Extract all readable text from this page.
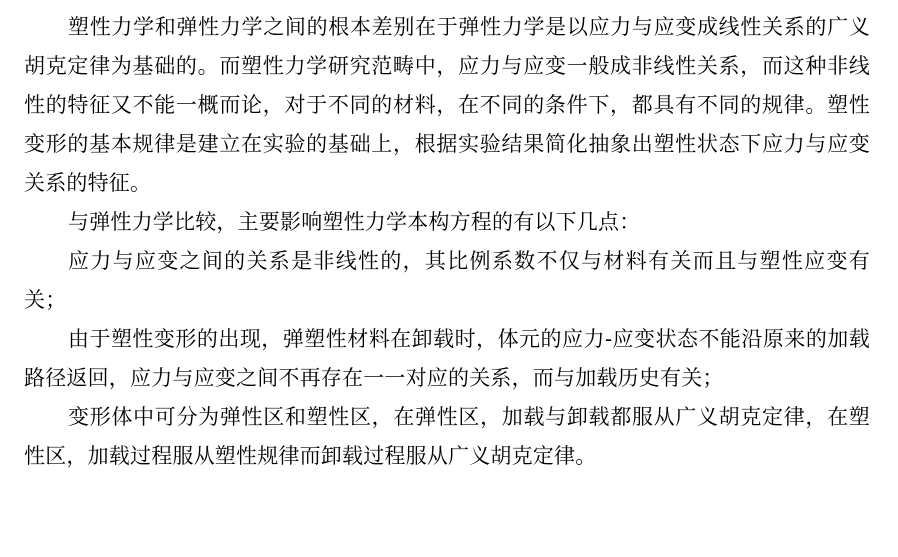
塑性力学和弹性力学之间的根本差别在于弹性力学是以应力与应变成线性关系的广义胡克定律为基础的。而塑性力学研究范畴中，应力与应变一般成非线性关系，而这种非线性的特征又不能一概而论，对于不同的材料，在不同的条件下，都具有不同的规律。塑性变形的基本规律是建立在实验的基础上，根据实验结果简化抽象出塑性状态下应力与应变关系的特征。

与弹性力学比较，主要影响塑性力学本构方程的有以下几点：

应力与应变之间的关系是非线性的，其比例系数不仅与材料有关而且与塑性应变有关；

由于塑性变形的出现，弹塑性材料在卸载时，体元的应力-应变状态不能沿原来的加载路径返回，应力与应变之间不再存在一一对应的关系，而与加载历史有关；

变形体中可分为弹性区和塑性区，在弹性区，加载与卸载都服从广义胡克定律，在塑性区，加载过程服从塑性规律而卸载过程服从广义胡克定律。
